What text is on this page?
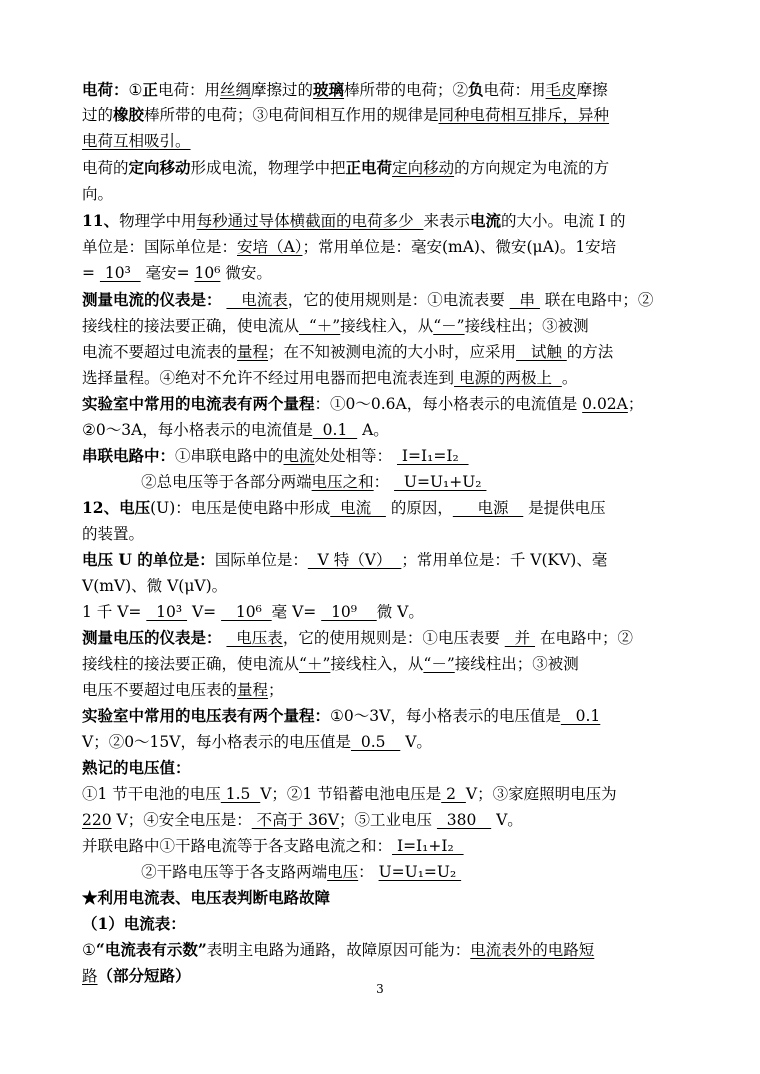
电荷：①正电荷：用丝绸摩擦过的玻璃棒所带的电荷；②负电荷：用毛皮摩擦
过的橡胶棒所带的电荷；③电荷间相互作用的规律是同种电荷相互排斥，异种
电荷互相吸引。
电荷的定向移动形成电流，物理学中把正电荷定向移动的方向规定为电流的方
向。
11、物理学中用每秒通过导体横截面的电荷多少  来表示电流的大小。电流 I 的
单位是：国际单位是：安培（A）；常用单位是：毫安(mA)、微安(μA)。1安培
=  10³   毫安= 10⁶ 微安。
测量电流的仪表是：    电流表，它的使用规则是：①电流表要   串  联在电路中；②
接线柱的接法要正确，使电流从  “＋”接线柱入，从“－”接线柱出；③被测
电流不要超过电流表的量程；在不知被测电流的大小时，应采用   试触 的方法
选择量程。④绝对不允许不经过用电器而把电流表连到 电源的两极上  。
实验室中常用的电流表有两个量程：①0～0.6A，每小格表示的电流值是 0.02A；
②0～3A，每小格表示的电流值是  0.1   A。
串联电路中：①串联电路中的电流处处相等：  I=I₁=I₂
②总电压等于各部分两端电压之和：   U=U₁+U₂
12、电压(U)：电压是使电路中形成  电流    的原因，     电源    是提供电压
的装置。
电压 U 的单位是：国际单位是：  V 特（V）  ；常用单位是：千 V(KV)、毫
V(mV)、微 V(μV)。
1 千 V=   10³  V=    10⁶  毫 V=   10⁹    微 V。
测量电压的仪表是：   电压表，它的使用规则是：①电压表要   并  在电路中；②
接线柱的接法要正确，使电流从“＋”接线柱入，从“－”接线柱出；③被测
电压不要超过电压表的量程；
实验室中常用的电压表有两个量程：①0～3V，每小格表示的电压值是   0.1
V；②0～15V，每小格表示的电压值是  0.5    V。
熟记的电压值：
①1 节干电池的电压 1.5  V；②1 节铅蓄电池电压是 2  V；③家庭照明电压为
220 V；④安全电压是： 不高于 36V；⑤工业电压   380    V。
并联电路中①干路电流等于各支路电流之和： I=I₁+I₂
②干路电压等于各支路两端电压： U=U₁=U₂
★利用电流表、电压表判断电路故障
（1）电流表：
①“电流表有示数”表明主电路为通路，故障原因可能为：电流表外的电路短
路（部分短路）
3
